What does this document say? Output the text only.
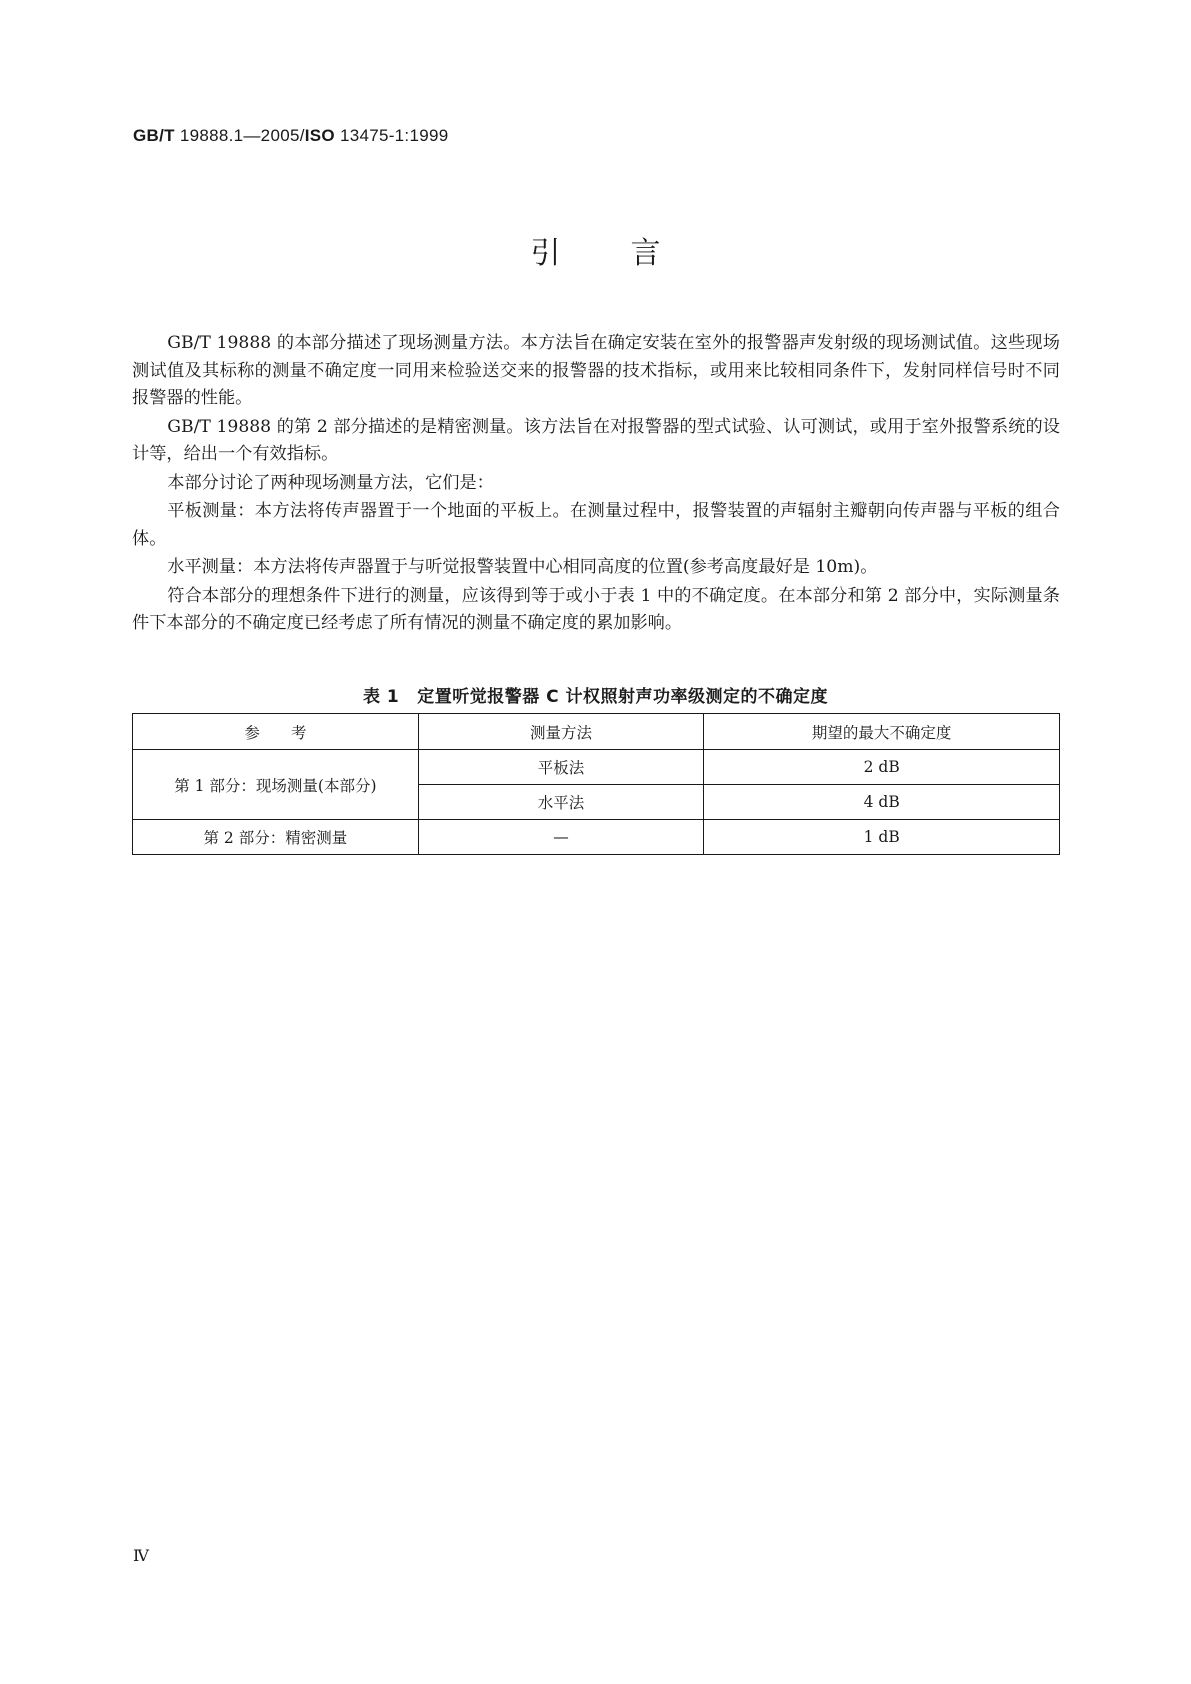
GB/T 19888.1—2005/ISO 13475-1:1999
引言

GB/T 19888 的本部分描述了现场测量方法。本方法旨在确定安装在室外的报警器声发射级的现场测试值。这些现场测试值及其标称的测量不确定度一同用来检验送交来的报警器的技术指标，或用来比较相同条件下，发射同样信号时不同报警器的性能。

GB/T 19888 的第 2 部分描述的是精密测量。该方法旨在对报警器的型式试验、认可测试，或用于室外报警系统的设计等，给出一个有效指标。

本部分讨论了两种现场测量方法，它们是：

平板测量：本方法将传声器置于一个地面的平板上。在测量过程中，报警装置的声辐射主瓣朝向传声器与平板的组合体。

水平测量：本方法将传声器置于与听觉报警装置中心相同高度的位置(参考高度最好是 10m)。

符合本部分的理想条件下进行的测量，应该得到等于或小于表 1 中的不确定度。在本部分和第 2 部分中，实际测量条件下本部分的不确定度已经考虑了所有情况的测量不确定度的累加影响。

表 1 定置听觉报警器 C 计权照射声功率级测定的不确定度
参　　考	测量方法	期望的最大不确定度
第 1 部分：现场测量(本部分)	平板法	2 dB
	水平法	4 dB
第 2 部分：精密测量	—	1 dB
Ⅳ
